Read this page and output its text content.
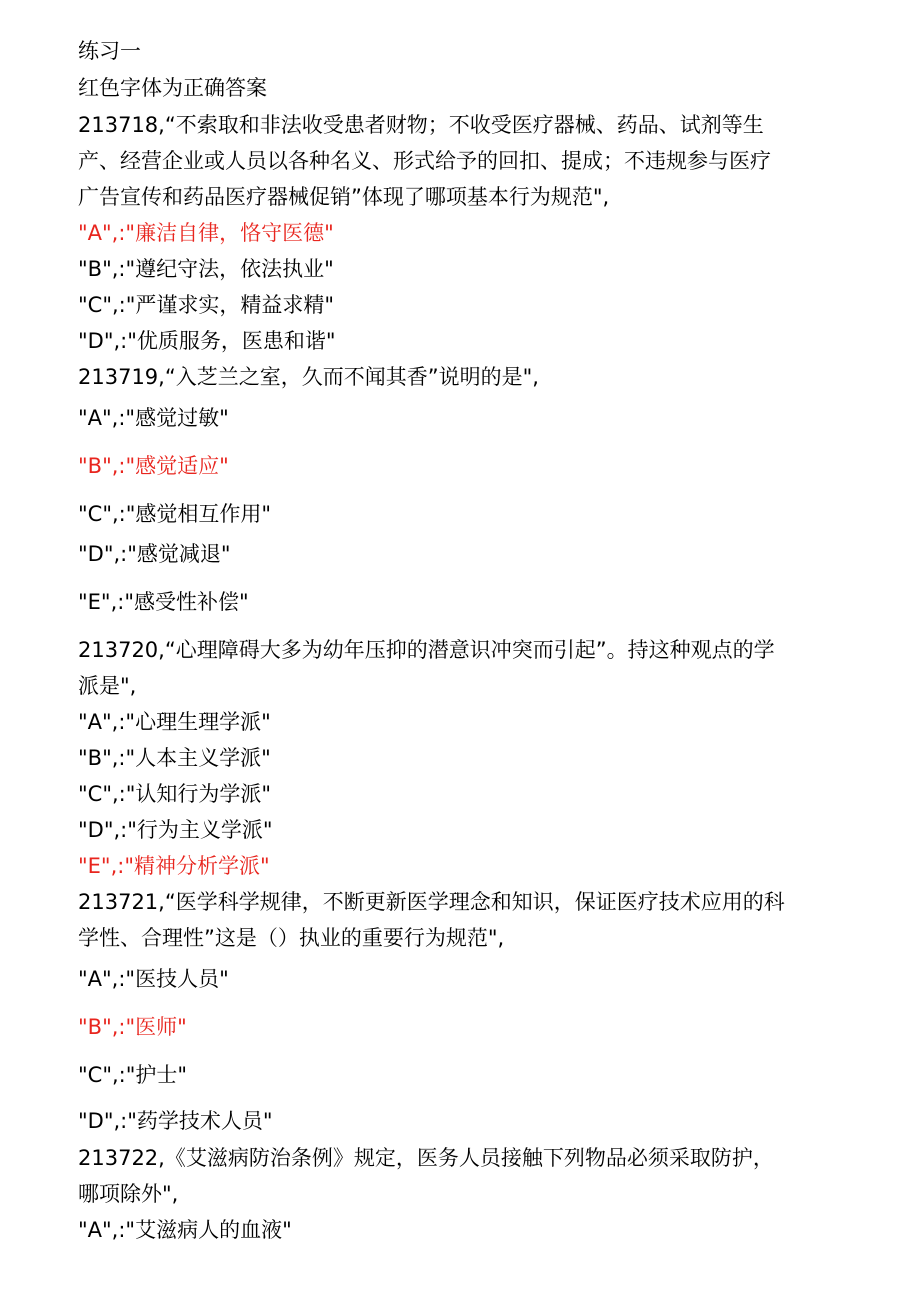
练习一
红色字体为正确答案
213718,“不索取和非法收受患者财物；不收受医疗器械、药品、试剂等生
产、经营企业或人员以各种名义、形式给予的回扣、提成；不违规参与医疗
广告宣传和药品医疗器械促销”体现了哪项基本行为规范",
"A",:"廉洁自律，恪守医德"
"B",:"遵纪守法，依法执业"
"C",:"严谨求实，精益求精"
"D",:"优质服务，医患和谐"
213719,“入芝兰之室，久而不闻其香”说明的是",
"A",:"感觉过敏"
"B",:"感觉适应"
"C",:"感觉相互作用"
"D",:"感觉减退"
"E",:"感受性补偿"
213720,“心理障碍大多为幼年压抑的潜意识冲突而引起”。持这种观点的学
派是",
"A",:"心理生理学派"
"B",:"人本主义学派"
"C",:"认知行为学派"
"D",:"行为主义学派"
"E",:"精神分析学派"
213721,“医学科学规律，不断更新医学理念和知识，保证医疗技术应用的科
学性、合理性”这是（）执业的重要行为规范",
"A",:"医技人员"
"B",:"医师"
"C",:"护士"
"D",:"药学技术人员"
213722,《艾滋病防治条例》规定，医务人员接触下列物品必须采取防护，
哪项除外",
"A",:"艾滋病人的血液"
